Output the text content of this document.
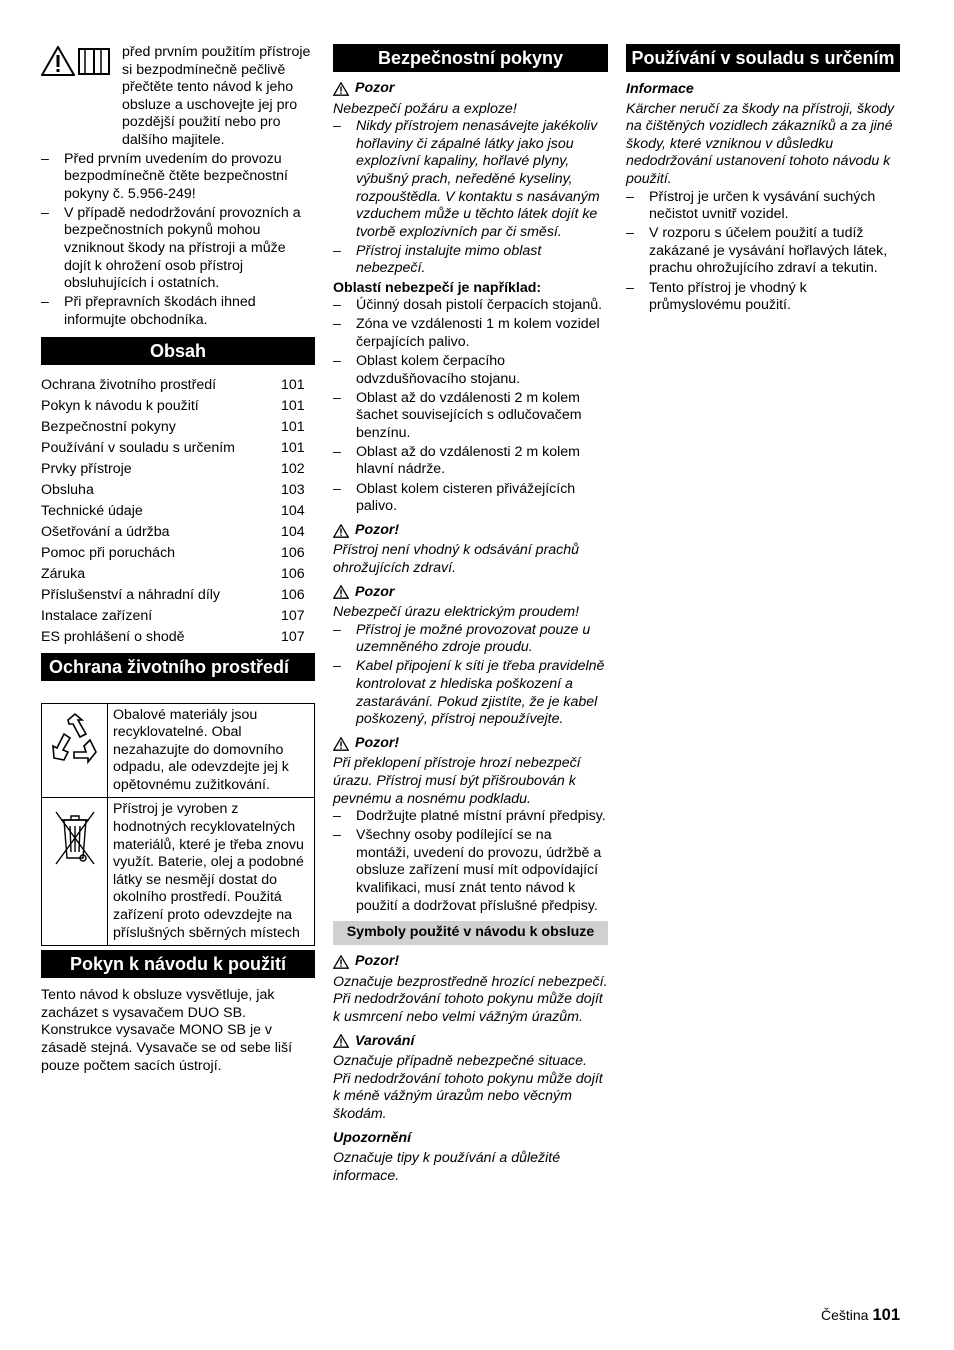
před prvním použitím přístroje si bezpodmínečně pečlivě přečtěte tento návod k jeho obsluze a uschovejte jej pro pozdější použití nebo pro dalšího majitele.

– Před prvním uvedením do provozu bezpodmínečně čtěte bezpečnostní pokyny č. 5.956-249!
– V případě nedodržování provozních a bezpečnostních pokynů mohou vzniknout škody na přístroji a může dojít k ohrožení osob přístroj obsluhujících i ostatních.
– Při přepravních škodách ihned informujte obchodníka.
Obsah
Ochrana životního prostředí	101
Pokyn k návodu k použití	101
Bezpečnostní pokyny	101
Používání v souladu s určením	101
Prvky přístroje	102
Obsluha	103
Technické údaje	104
Ošetřování a údržba	104
Pomoc při poruchách	106
Záruka	106
Příslušenství a náhradní díly	106
Instalace zařízení	107
ES prohlášení o shodě	107
Ochrana životního prostředí
	Obalové materiály jsou recyklovatelné. Obal nezahazujte do domovního odpadu, ale odevzdejte jej k opětovnému zužitkování.
	Přístroj je vyroben z hodnotných recyklovatelných materiálů, které je třeba znovu využít. Baterie, olej a podobné látky se nesmějí dostat do okolního prostředí. Použitá zařízení proto odevzdejte na příslušných sběrných místech
Pokyn k návodu k použití

Tento návod k obsluze vysvětluje, jak zacházet s vysavačem DUO SB. Konstrukce vysavače MONO SB je v zásadě stejná. Vysavače se od sebe liší pouze počtem sacích ústrojí.

Bezpečnostní pokyny
Pozor

Nebezpečí požáru a exploze!

– Nikdy přístrojem nenasávejte jakékoliv hořlaviny či zápalné látky jako jsou explozívní kapaliny, hořlavé plyny, výbušný prach, neředěné kyseliny, rozpouštědla. V kontaktu s nasávaným vzduchem může u těchto látek dojít ke tvorbě explozivních par či směsí.
– Přístroj instalujte mimo oblast nebezpečí.

Oblastí nebezpečí je například:

– Účinný dosah pistolí čerpacích stojanů.
– Zóna ve vzdálenosti 1 m kolem vozidel čerpajících palivo.
– Oblast kolem čerpacího odvzdušňovacího stojanu.
– Oblast až do vzdálenosti 2 m kolem šachet souvisejících s odlučovačem benzínu.
– Oblast až do vzdálenosti 2 m kolem hlavní nádrže.
– Oblast kolem cisteren přivážejících palivo.
Pozor!

Přístroj není vhodný k odsávání prachů ohrožujících zdraví.

Pozor

Nebezpečí úrazu elektrickým proudem!

– Přístroj je možné provozovat pouze u uzemněného zdroje proudu.
– Kabel připojení k síti je třeba pravidelně kontrolovat z hlediska poškození a zastarávání. Pokud zjistíte, že je kabel poškozený, přístroj nepoužívejte.
Pozor!

Při překlopení přístroje hrozí nebezpečí úrazu. Přístroj musí být přišroubován k pevnému a nosnému podkladu.

– Dodržujte platné místní právní předpisy.
– Všechny osoby podílející se na montáži, uvedení do provozu, údržbě a obsluze zařízení musí mít odpovídající kvalifikaci, musí znát tento návod k použití a dodržovat příslušné předpisy.
Symboly použité v návodu k obsluze
Pozor!

Označuje bezprostředně hrozící nebezpečí. Při nedodržování tohoto pokynu může dojít k usmrcení nebo velmi vážným úrazům.

Varování

Označuje případně nebezpečné situace. Při nedodržování tohoto pokynu může dojít k méně vážným úrazům nebo věcným škodám.

Upozornění

Označuje tipy k používání a důležité informace.

Používání v souladu s určením

Informace

Kärcher neručí za škody na přístroji, škody na čištěných vozidlech zákazníků a za jiné škody, které vzniknou v důsledku nedodržování ustanovení tohoto návodu k použití.

– Přístroj je určen k vysávání suchých nečistot uvnitř vozidel.
– V rozporu s účelem použití a tudíž zakázané je vysávání hořlavých látek, prachu ohrožujícího zdraví a tekutin.
– Tento přístroj je vhodný k průmyslovému použití.
Čeština 101
